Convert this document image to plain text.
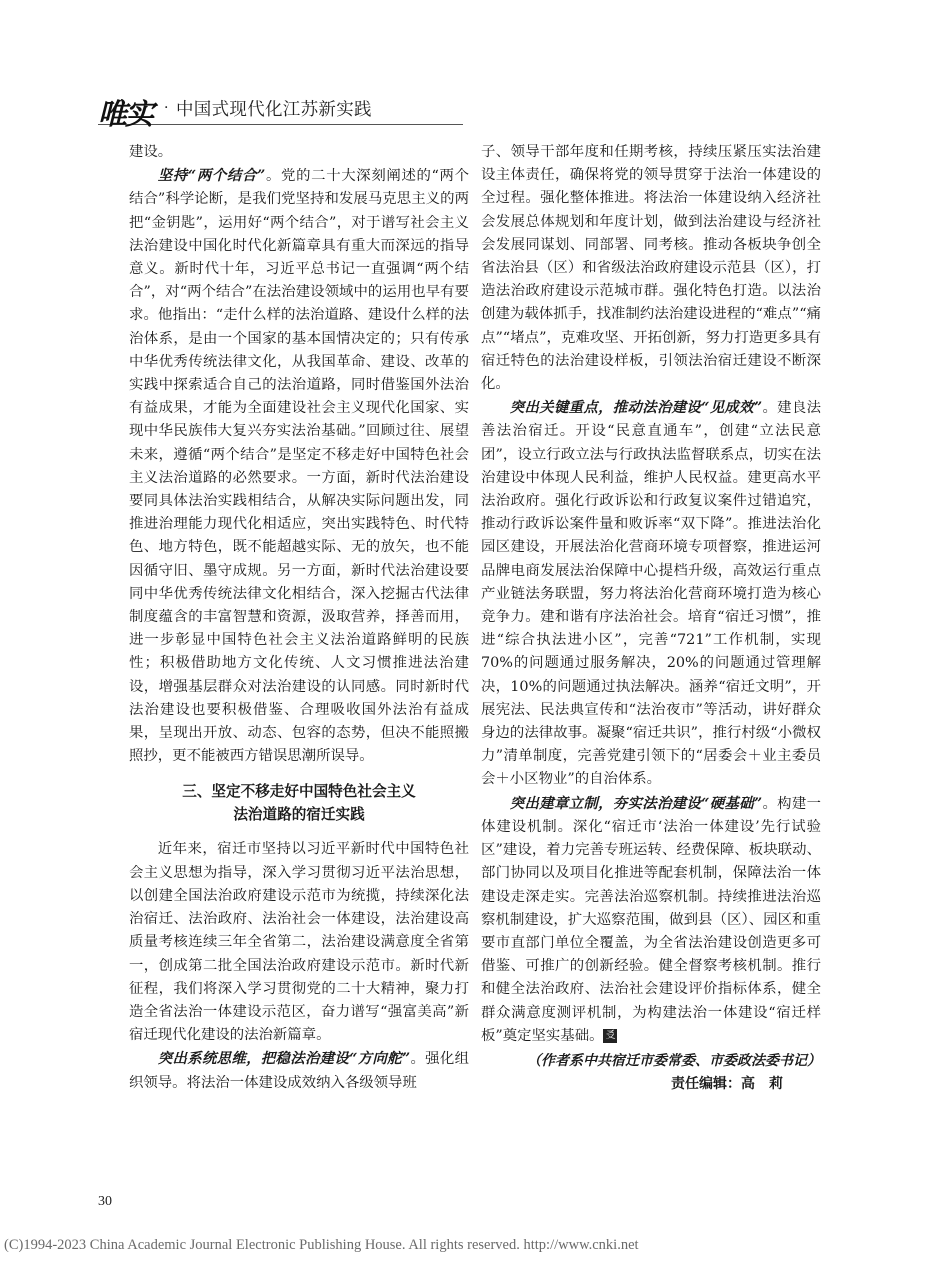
唯实 · 中国式现代化江苏新实践

建设。

坚持“两个结合”。党的二十大深刻阐述的“两个结合”科学论断，是我们党坚持和发展马克思主义的两把“金钥匙”，运用好“两个结合”，对于谱写社会主义法治建设中国化时代化新篇章具有重大而深远的指导意义。新时代十年，习近平总书记一直强调“两个结合”，对“两个结合”在法治建设领域中的运用也早有要求。他指出：“走什么样的法治道路、建设什么样的法治体系，是由一个国家的基本国情决定的；只有传承中华优秀传统法律文化，从我国革命、建设、改革的实践中探索适合自己的法治道路，同时借鉴国外法治有益成果，才能为全面建设社会主义现代化国家、实现中华民族伟大复兴夯实法治基础。”回顾过往、展望未来，遵循“两个结合”是坚定不移走好中国特色社会主义法治道路的必然要求。一方面，新时代法治建设要同具体法治实践相结合，从解决实际问题出发，同推进治理能力现代化相适应，突出实践特色、时代特色、地方特色，既不能超越实际、无的放矢，也不能因循守旧、墨守成规。另一方面，新时代法治建设要同中华优秀传统法律文化相结合，深入挖掘古代法律制度蕴含的丰富智慧和资源，汲取营养，择善而用，进一步彰显中国特色社会主义法治道路鲜明的民族性；积极借助地方文化传统、人文习惯推进法治建设，增强基层群众对法治建设的认同感。同时新时代法治建设也要积极借鉴、合理吸收国外法治有益成果，呈现出开放、动态、包容的态势，但决不能照搬照抄，更不能被西方错误思潮所误导。

三、坚定不移走好中国特色社会主义
法治道路的宿迁实践

近年来，宿迁市坚持以习近平新时代中国特色社会主义思想为指导，深入学习贯彻习近平法治思想，以创建全国法治政府建设示范市为统揽，持续深化法治宿迁、法治政府、法治社会一体建设，法治建设高质量考核连续三年全省第二，法治建设满意度全省第一，创成第二批全国法治政府建设示范市。新时代新征程，我们将深入学习贯彻党的二十大精神，聚力打造全省法治一体建设示范区，奋力谱写“强富美高”新宿迁现代化建设的法治新篇章。

突出系统思维，把稳法治建设“方向舵”。强化组织领导。将法治一体建设成效纳入各级领导班

子、领导干部年度和任期考核，持续压紧压实法治建设主体责任，确保将党的领导贯穿于法治一体建设的全过程。强化整体推进。将法治一体建设纳入经济社会发展总体规划和年度计划，做到法治建设与经济社会发展同谋划、同部署、同考核。推动各板块争创全省法治县（区）和省级法治政府建设示范县（区），打造法治政府建设示范城市群。强化特色打造。以法治创建为载体抓手，找准制约法治建设进程的“难点”“痛点”“堵点”，克难攻坚、开拓创新，努力打造更多具有宿迁特色的法治建设样板，引领法治宿迁建设不断深化。

突出关键重点，推动法治建设“见成效”。建良法善法治宿迁。开设“民意直通车”，创建“立法民意团”，设立行政立法与行政执法监督联系点，切实在法治建设中体现人民利益，维护人民权益。建更高水平法治政府。强化行政诉讼和行政复议案件过错追究，推动行政诉讼案件量和败诉率“双下降”。推进法治化园区建设，开展法治化营商环境专项督察，推进运河品牌电商发展法治保障中心提档升级，高效运行重点产业链法务联盟，努力将法治化营商环境打造为核心竞争力。建和谐有序法治社会。培育“宿迁习惯”，推进“综合执法进小区”，完善“721”工作机制，实现70%的问题通过服务解决，20%的问题通过管理解决，10%的问题通过执法解决。涵养“宿迁文明”，开展宪法、民法典宣传和“法治夜市”等活动，讲好群众身边的法律故事。凝聚“宿迁共识”，推行村级“小微权力”清单制度，完善党建引领下的“居委会＋业主委员会＋小区物业”的自治体系。

突出建章立制，夯实法治建设“硬基础”。构建一体建设机制。深化“宿迁市‘法治一体建设’先行试验区”建设，着力完善专班运转、经费保障、板块联动、部门协同以及项目化推进等配套机制，保障法治一体建设走深走实。完善法治巡察机制。持续推进法治巡察机制建设，扩大巡察范围，做到县（区）、园区和重要市直部门单位全覆盖，为全省法治建设创造更多可借鉴、可推广的创新经验。健全督察考核机制。推行和健全法治政府、法治社会建设评价指标体系，健全群众满意度测评机制，为构建法治一体建设“宿迁样板”奠定坚实基础。 㕛

（作者系中共宿迁市委常委、市委政法委书记）
责任编辑：高　莉
30
(C)1994-2023 China Academic Journal Electronic Publishing House. All rights reserved. http://www.cnki.net
